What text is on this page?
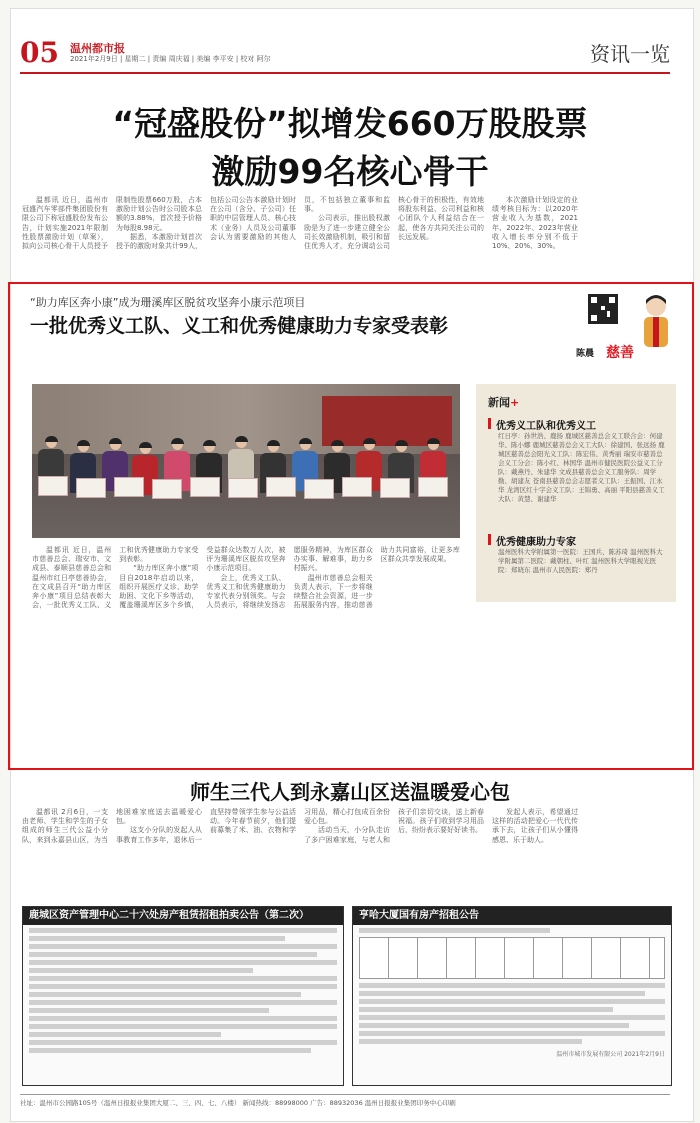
05 温州都市报
2021年2月9日 | 星期二 | 责编 周庆福 | 美编 李平安 | 校对 阿尔	资讯一览
“冠盛股份”拟增发660万股股票
激励99名核心骨干

温都讯 近日，温州市冠盛汽车零部件集团股份有限公司下称冠盛股份发布公告，计划实施2021年限制性股票激励计划（草案），拟向公司核心骨干人员授予限制性股票660万股，占本激励计划公告时公司股本总额的3.88%，首次授予价格为每股8.98元。

据悉，本激励计划首次授予的激励对象共计99人，包括公司公告本激励计划时在公司（含分、子公司）任职的中层管理人员、核心技术（业务）人员及公司董事会认为需要激励的其他人员，不包括独立董事和监事。

公司表示，推出股权激励是为了进一步建立健全公司长效激励机制，吸引和留住优秀人才，充分调动公司核心骨干的积极性，有效地将股东利益、公司利益和核心团队个人利益结合在一起，使各方共同关注公司的长远发展。

本次激励计划设定的业绩考核目标为：以2020年营业收入为基数，2021年、2022年、2023年营业收入增长率分别不低于10%、20%、30%。

“助力库区奔小康”成为珊溪库区脱贫攻坚奔小康示范项目
一批优秀义工队、义工和优秀健康助力专家受表彰
陈晨 慈善
新闻+
优秀义工队和优秀义工
红日亭：孙世浩、鹿扬 鹿城区慈善总会义工联合会：何建华、陈小娜 鹿城区慈善总会义工大队：徐建国、张远扬 鹿城区慈善总会阳光义工队：陈宏伟、黄秀丽 瑞安市慈善总会义工分会：陈小红、林国华 温州市健民医院公益义工分队：戴燕丹、朱建华 文成县慈善总会义工服务队：周学勤、胡建友 苍南县慈善总会志愿者义工队：王振国、江永华 龙湾区红十字会义工队：王锦勇、高丽 平阳县慈善义工大队：黄慧、谢建华
优秀健康助力专家
温州医科大学附属第一医院：王国兵、陈苏琦 温州医科大学附属第二医院：戴朝柱、叶红 温州医科大学眼视光医院：郑晓东 温州市人民医院：郑丹

温都讯 近日，温州市慈善总会、瑞安市、文成县、泰顺县慈善总会和温州市红日亭慈善协会，在文成县召开“助力库区奔小康”项目总结表彰大会，一批优秀义工队、义工和优秀健康助力专家受到表彰。

“助力库区奔小康”项目自2018年启动以来，组织开展医疗义诊、助学助困、文化下乡等活动，覆盖珊溪库区多个乡镇，受益群众达数万人次，被评为珊溪库区脱贫攻坚奔小康示范项目。

会上，优秀义工队、优秀义工和优秀健康助力专家代表分别领奖。与会人员表示，将继续发扬志愿服务精神，为库区群众办实事、解难事，助力乡村振兴。

温州市慈善总会相关负责人表示，下一步将继续整合社会资源，进一步拓展服务内容，推动慈善助力共同富裕，让更多库区群众共享发展成果。

师生三代人到永嘉山区送温暖爱心包

温都讯 2月6日，一支由老师、学生和学生的子女组成的师生三代公益小分队，来到永嘉县山区，为当地困难家庭送去温暖爱心包。

这支小分队的发起人从事教育工作多年，退休后一直坚持带领学生参与公益活动。今年春节前夕，他们提前募集了米、油、衣物和学习用品，精心打包成百余份爱心包。

活动当天，小分队走访了多户困难家庭，与老人和孩子们亲切交谈，送上新春祝福。孩子们收到学习用品后，纷纷表示要好好读书。

发起人表示，希望通过这样的活动把爱心一代代传承下去，让孩子们从小懂得感恩、乐于助人。

鹿城区资产管理中心二十六处房产租赁招租拍卖公告（第二次）	亨哈大厦国有房产招租公告
温州市城市发展有限公司 2021年2月9日
社址：温州市公园路105号（温州日报报业集团大厦二、三、四、七、八楼） 新闻热线：88998000 广告：88932036 温州日报报业集团印务中心印刷
